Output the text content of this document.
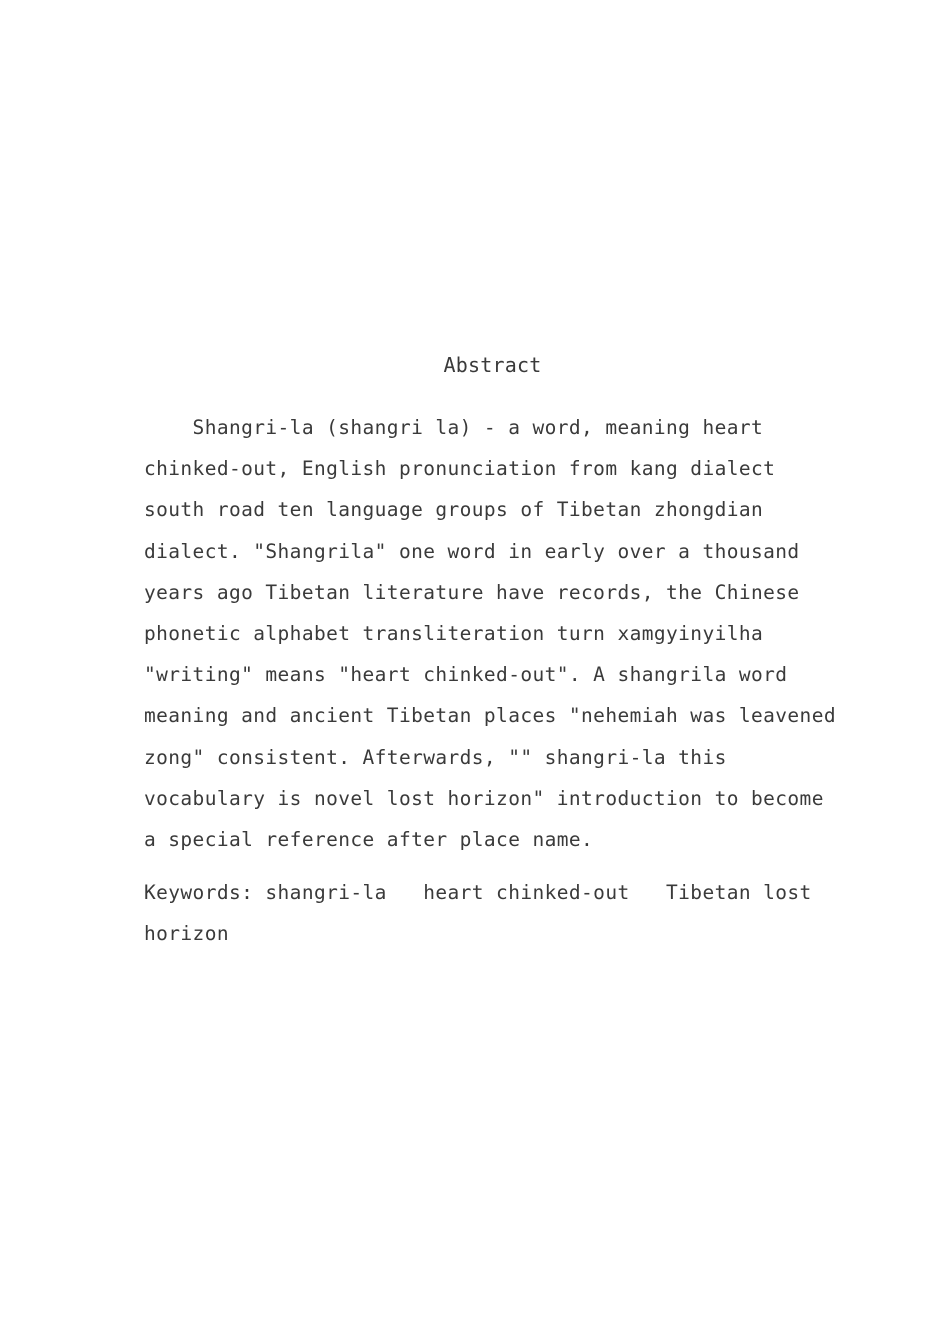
Abstract
Shangri-la (shangri la) - a word, meaning heart
chinked-out, English pronunciation from kang dialect
south road ten language groups of Tibetan zhongdian
dialect. "Shangrila" one word in early over a thousand
years ago Tibetan literature have records, the Chinese
phonetic alphabet transliteration turn xamgyinyilha
"writing" means "heart chinked-out". A shangrila word
meaning and ancient Tibetan places "nehemiah was leavened
zong" consistent. Afterwards, "" shangri-la this
vocabulary is novel lost horizon" introduction to become
a special reference after place name.
Keywords: shangri-la   heart chinked-out   Tibetan lost
horizon
